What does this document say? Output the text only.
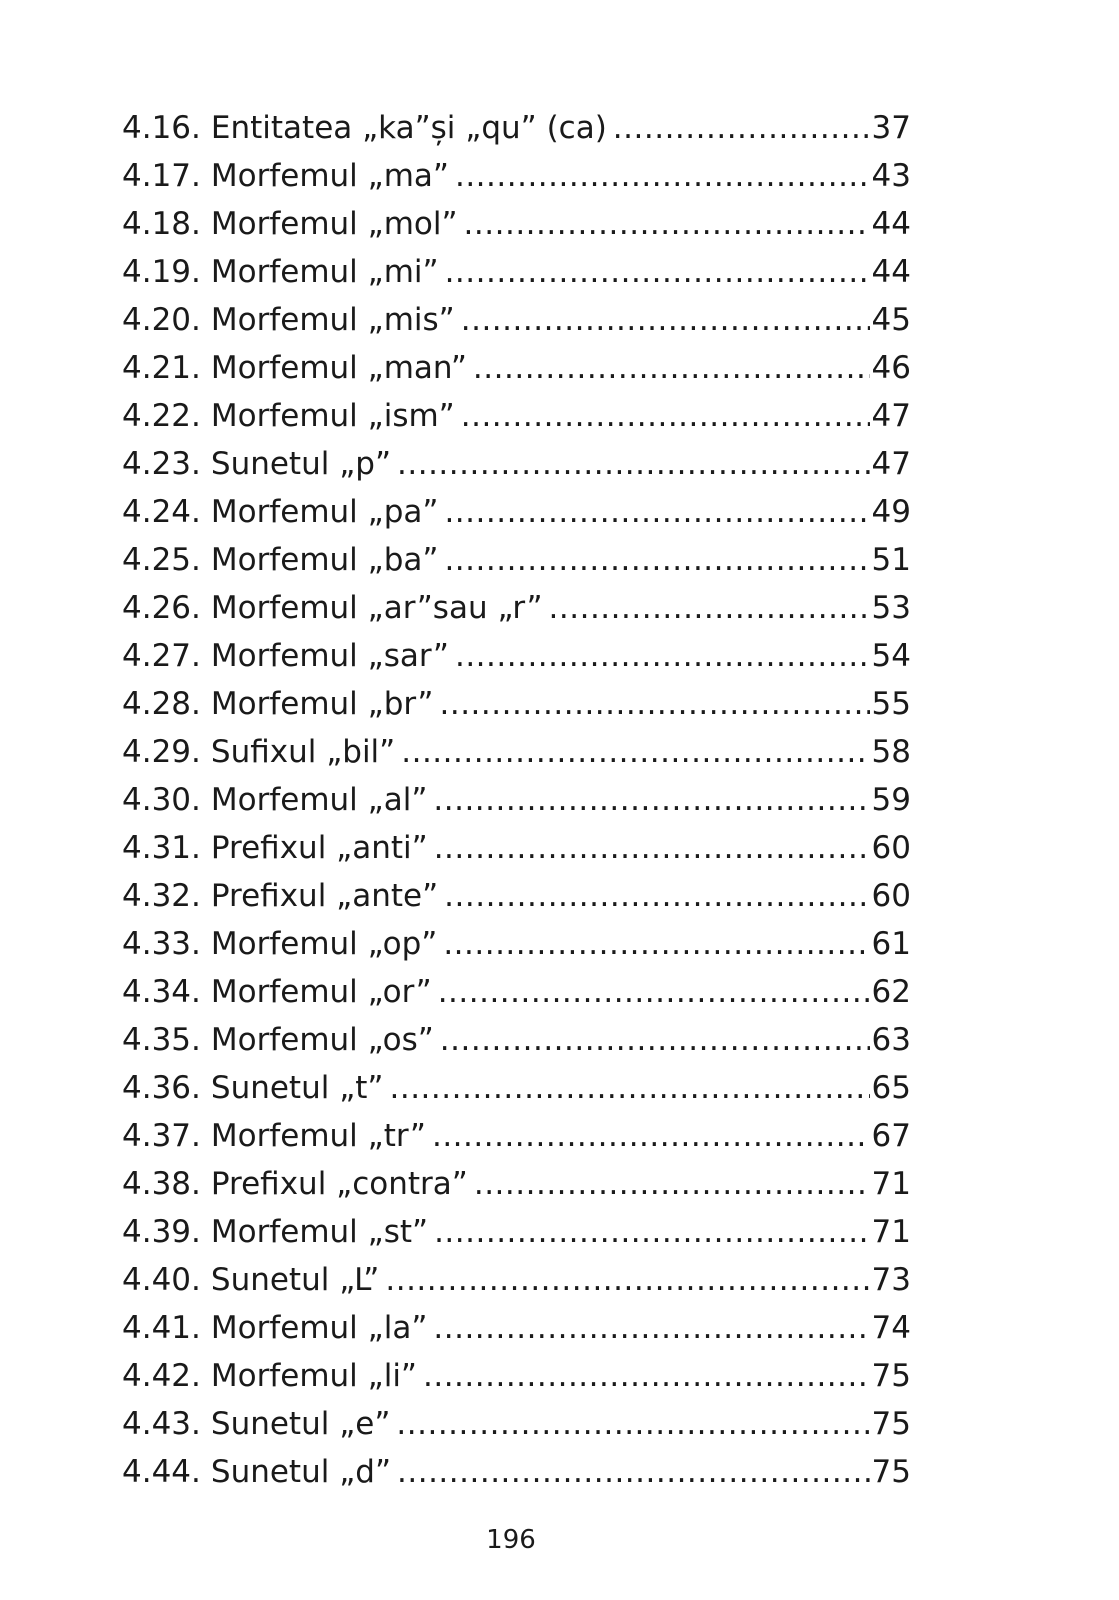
4.16. Entitatea „ka”și „qu” (ca) .....	37
4.17. Morfemul „ma” .....	43
4.18. Morfemul „mol” .....	44
4.19. Morfemul „mi” .....	44
4.20. Morfemul „mis” .....	45
4.21. Morfemul „man” .....	46
4.22. Morfemul „ism” .....	47
4.23. Sunetul „p” .....	47
4.24. Morfemul „pa” .....	49
4.25. Morfemul „ba” .....	51
4.26. Morfemul „ar”sau „r” .....	53
4.27. Morfemul „sar” .....	54
4.28. Morfemul „br” .....	55
4.29. Sufixul „bil” .....	58
4.30. Morfemul „al” .....	59
4.31. Prefixul „anti” .....	60
4.32. Prefixul „ante” .....	60
4.33. Morfemul „op” .....	61
4.34. Morfemul „or” .....	62
4.35. Morfemul „os” .....	63
4.36. Sunetul „t” .....	65
4.37. Morfemul „tr” .....	67
4.38. Prefixul „contra” .....	71
4.39. Morfemul „st” .....	71
4.40. Sunetul „L” .....	73
4.41. Morfemul „la” .....	74
4.42. Morfemul „li” .....	75
4.43. Sunetul „e” .....	75
4.44. Sunetul „d” .....	75
196
